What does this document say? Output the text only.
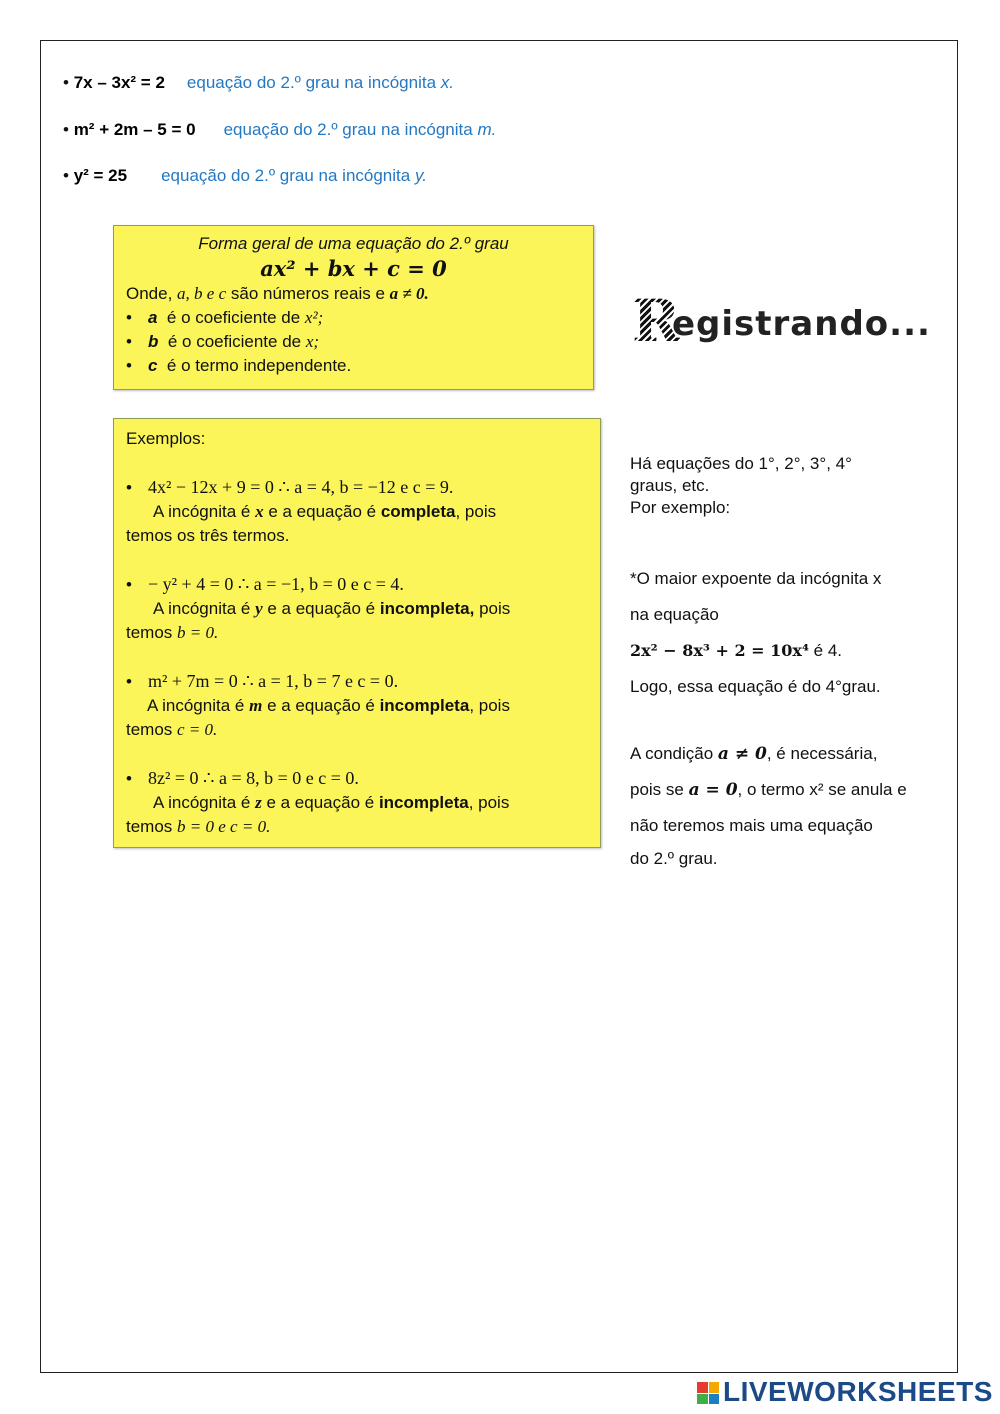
• 7x – 3x² = 2 equação do 2.º grau na incógnita x.
• m² + 2m – 5 = 0 equação do 2.º grau na incógnita m.
• y² = 25 equação do 2.º grau na incógnita y.
Forma geral de uma equação do 2.º grau
ax² + bx + c = 0
Onde, a, b e c são números reais e a ≠ 0.
• a é o coeficiente de x²;
• b é o coeficiente de x;
• c é o termo independente.
Exemplos:
• 4x² − 12x + 9 = 0 ∴ a = 4, b = −12 e c = 9.
A incógnita é x e a equação é completa, pois
temos os três termos.
• − y² + 4 = 0 ∴ a = −1, b = 0 e c = 4.
A incógnita é y e a equação é incompleta, pois
temos b = 0.
• m² + 7m = 0 ∴ a = 1, b = 7 e c = 0.
A incógnita é m e a equação é incompleta, pois
temos c = 0.
• 8z² = 0 ∴ a = 8, b = 0 e c = 0.
A incógnita é z e a equação é incompleta, pois
temos b = 0 e c = 0.
R
egistrando...
Há equações do 1°, 2°, 3°, 4°
graus, etc.
Por exemplo:
*O maior expoente da incógnita x
na equação
2x² − 8x³ + 2 = 10x⁴ é 4.
Logo, essa equação é do 4°grau.
A condição a ≠ 0, é necessária,
pois se a = 0, o termo x² se anula e
não teremos mais uma equação
do 2.º grau.
LIVEWORKSHEETS
